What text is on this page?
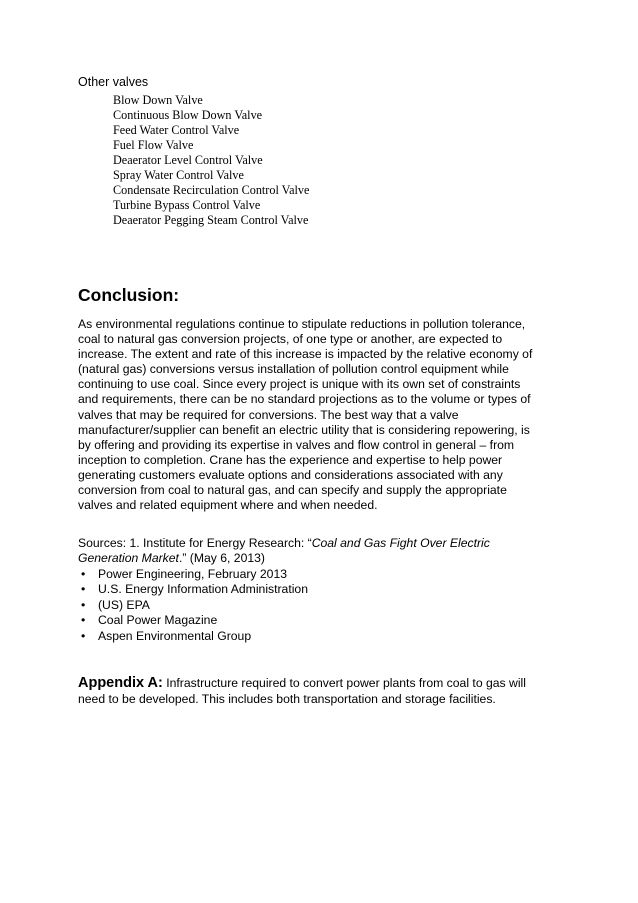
Other valves
Blow Down Valve
Continuous Blow Down Valve
Feed Water Control Valve
Fuel Flow Valve
Deaerator Level Control Valve
Spray Water Control Valve
Condensate Recirculation Control Valve
Turbine Bypass Control Valve
Deaerator Pegging Steam Control Valve
Conclusion:

As environmental regulations continue to stipulate reductions in pollution tolerance,
coal to natural gas conversion projects, of one type or another, are expected to
increase. The extent and rate of this increase is impacted by the relative economy of
(natural gas) conversions versus installation of pollution control equipment while
continuing to use coal. Since every project is unique with its own set of constraints
and requirements, there can be no standard projections as to the volume or types of
valves that may be required for conversions. The best way that a valve
manufacturer/supplier can benefit an electric utility that is considering repowering, is
by offering and providing its expertise in valves and flow control in general – from
inception to completion. Crane has the experience and expertise to help power
generating customers evaluate options and considerations associated with any
conversion from coal to natural gas, and can specify and supply the appropriate
valves and related equipment where and when needed.

Sources: 1. Institute for Energy Research: “Coal and Gas Fight Over Electric
Generation Market.” (May 6, 2013)
• Power Engineering, February 2013
• U.S. Energy Information Administration
• (US) EPA
• Coal Power Magazine
• Aspen Environmental Group
Appendix A: Infrastructure required to convert power plants from coal to gas will
need to be developed. This includes both transportation and storage facilities.
